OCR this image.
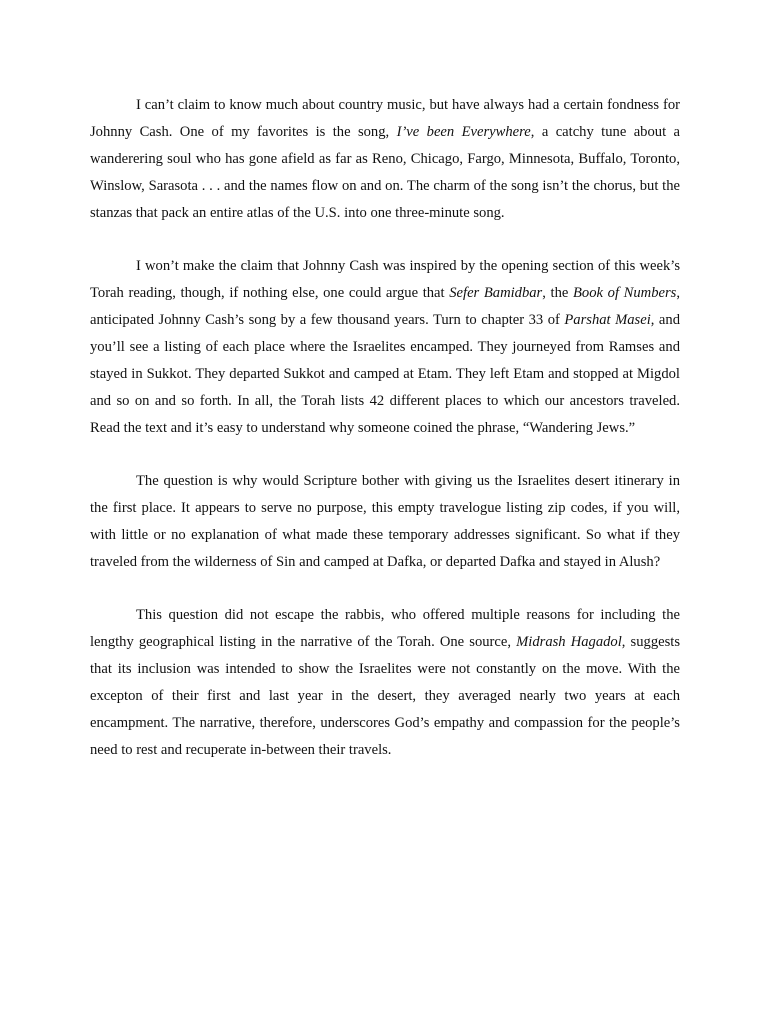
I can’t claim to know much about country music, but have always had a certain fondness for Johnny Cash. One of my favorites is the song, I’ve been Everywhere, a catchy tune about a wanderering soul who has gone afield as far as Reno, Chicago, Fargo, Minnesota, Buffalo, Toronto, Winslow, Sarasota . . . and the names flow on and on. The charm of the song isn’t the chorus, but the stanzas that pack an entire atlas of the U.S. into one three-minute song.

I won’t make the claim that Johnny Cash was inspired by the opening section of this week’s Torah reading, though, if nothing else, one could argue that Sefer Bamidbar, the Book of Numbers, anticipated Johnny Cash’s song by a few thousand years. Turn to chapter 33 of Parshat Masei, and you’ll see a listing of each place where the Israelites encamped. They journeyed from Ramses and stayed in Sukkot. They departed Sukkot and camped at Etam. They left Etam and stopped at Migdol and so on and so forth. In all, the Torah lists 42 different places to which our ancestors traveled. Read the text and it’s easy to understand why someone coined the phrase, “Wandering Jews.”

The question is why would Scripture bother with giving us the Israelites desert itinerary in the first place. It appears to serve no purpose, this empty travelogue listing zip codes, if you will, with little or no explanation of what made these temporary addresses significant. So what if they traveled from the wilderness of Sin and camped at Dafka, or departed Dafka and stayed in Alush?

This question did not escape the rabbis, who offered multiple reasons for including the lengthy geographical listing in the narrative of the Torah. One source, Midrash Hagadol, suggests that its inclusion was intended to show the Israelites were not constantly on the move. With the excepton of their first and last year in the desert, they averaged nearly two years at each encampment. The narrative, therefore, underscores God’s empathy and compassion for the people’s need to rest and recuperate in-between their travels.
